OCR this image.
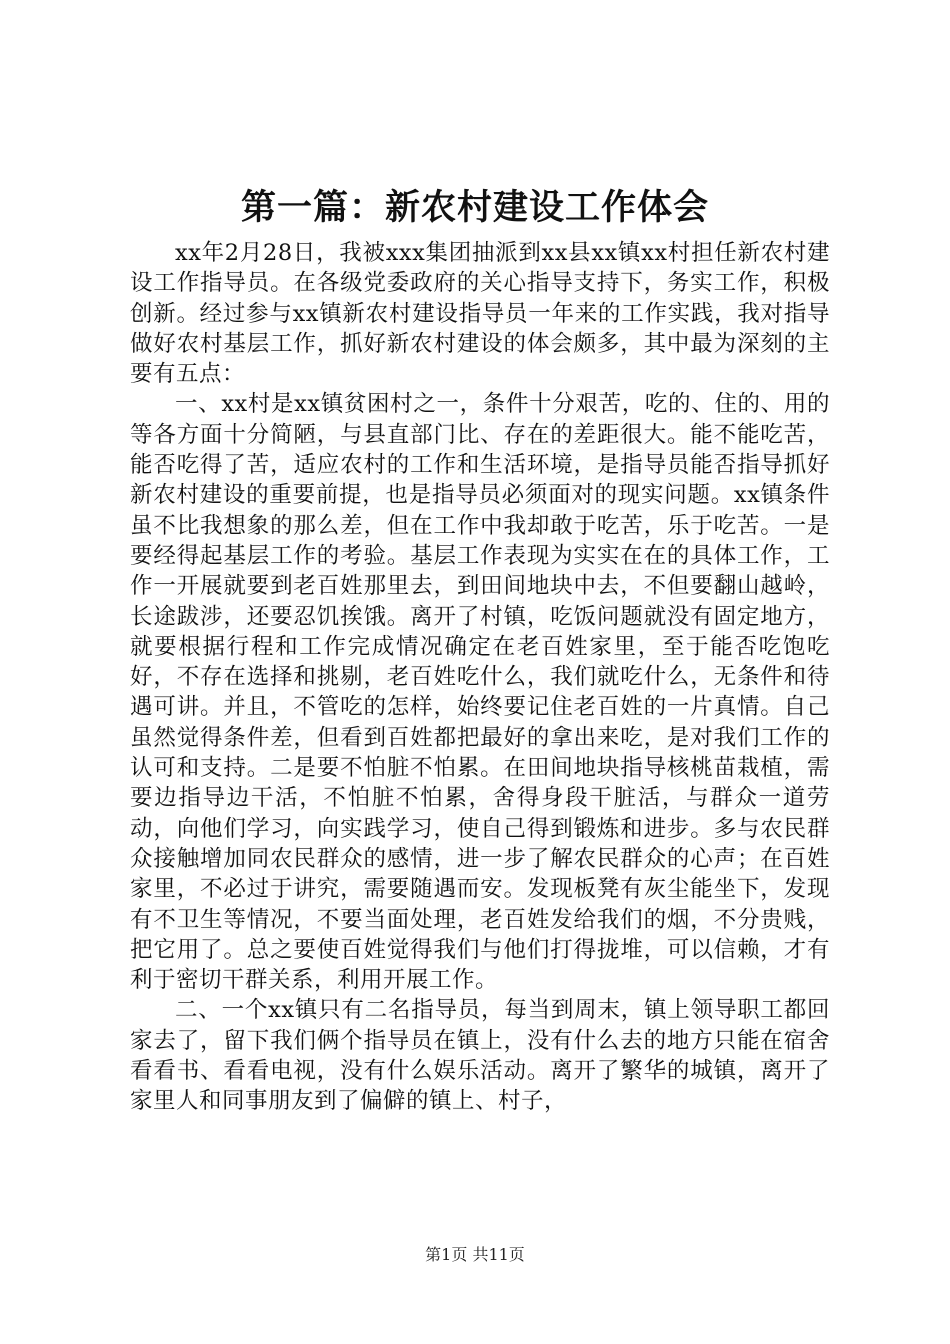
第一篇：新农村建设工作体会

xx年2月28日，我被xxx集团抽派到xx县xx镇xx村担任新农村建设工作指导员。在各级党委政府的关心指导支持下，务实工作，积极创新。经过参与xx镇新农村建设指导员一年来的工作实践，我对指导做好农村基层工作，抓好新农村建设的体会颇多，其中最为深刻的主要有五点：

一、xx村是xx镇贫困村之一，条件十分艰苦，吃的、住的、用的等各方面十分简陋，与县直部门比、存在的差距很大。能不能吃苦，能否吃得了苦，适应农村的工作和生活环境，是指导员能否指导抓好新农村建设的重要前提，也是指导员必须面对的现实问题。xx镇条件虽不比我想象的那么差，但在工作中我却敢于吃苦，乐于吃苦。一是要经得起基层工作的考验。基层工作表现为实实在在的具体工作，工作一开展就要到老百姓那里去，到田间地块中去，不但要翻山越岭，长途跋涉，还要忍饥挨饿。离开了村镇，吃饭问题就没有固定地方，就要根据行程和工作完成情况确定在老百姓家里，至于能否吃饱吃好，不存在选择和挑剔，老百姓吃什么，我们就吃什么，无条件和待遇可讲。并且，不管吃的怎样，始终要记住老百姓的一片真情。自己虽然觉得条件差，但看到百姓都把最好的拿出来吃，是对我们工作的认可和支持。二是要不怕脏不怕累。在田间地块指导核桃苗栽植，需要边指导边干活，不怕脏不怕累，舍得身段干脏活，与群众一道劳动，向他们学习，向实践学习，使自己得到锻炼和进步。多与农民群众接触增加同农民群众的感情，进一步了解农民群众的心声；在百姓家里，不必过于讲究，需要随遇而安。发现板凳有灰尘能坐下，发现有不卫生等情况，不要当面处理，老百姓发给我们的烟，不分贵贱，把它用了。总之要使百姓觉得我们与他们打得拢堆，可以信赖，才有利于密切干群关系，利用开展工作。

二、一个xx镇只有二名指导员，每当到周末，镇上领导职工都回家去了，留下我们俩个指导员在镇上，没有什么去的地方只能在宿舍看看书、看看电视，没有什么娱乐活动。离开了繁华的城镇，离开了家里人和同事朋友到了偏僻的镇上、村子，

第1页 共11页
